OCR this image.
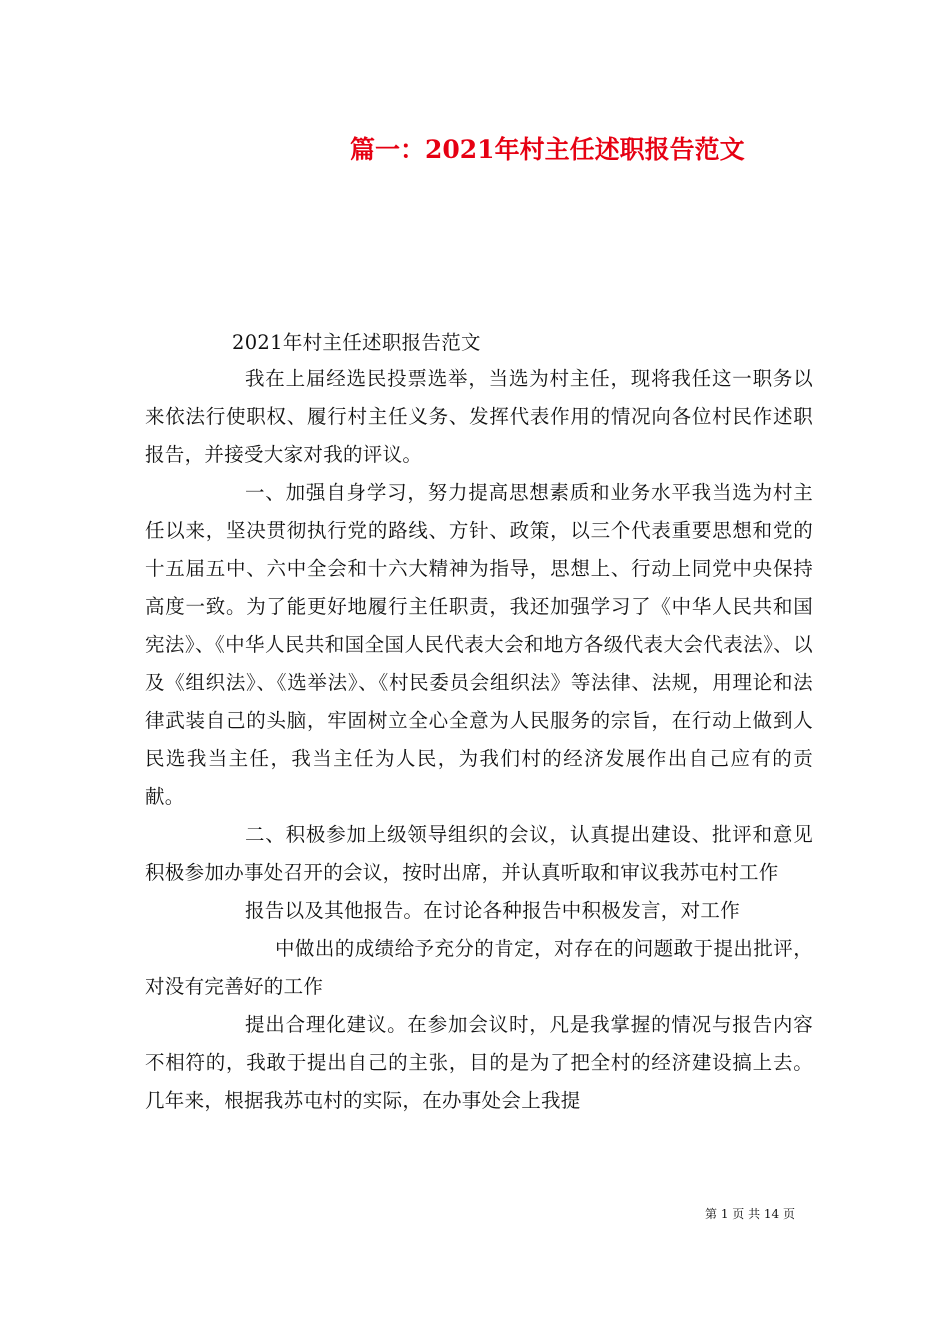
篇一：2021年村主任述职报告范文
2021年村主任述职报告范文

我在上届经选民投票选举，当选为村主任，现将我任这一职务以来依法行使职权、履行村主任义务、发挥代表作用的情况向各位村民作述职报告，并接受大家对我的评议。

一、加强自身学习，努力提高思想素质和业务水平我当选为村主任以来，坚决贯彻执行党的路线、方针、政策，以三个代表重要思想和党的十五届五中、六中全会和十六大精神为指导，思想上、行动上同党中央保持高度一致。为了能更好地履行主任职责，我还加强学习了《中华人民共和国宪法》、《中华人民共和国全国人民代表大会和地方各级代表大会代表法》、以及《组织法》、《选举法》、《村民委员会组织法》等法律、法规，用理论和法律武装自己的头脑，牢固树立全心全意为人民服务的宗旨，在行动上做到人民选我当主任，我当主任为人民，为我们村的经济发展作出自己应有的贡献。

二、积极参加上级领导组织的会议，认真提出建设、批评和意见积极参加办事处召开的会议，按时出席，并认真听取和审议我苏屯村工作

报告以及其他报告。在讨论各种报告中积极发言，对工作

中做出的成绩给予充分的肯定，对存在的问题敢于提出批评，对没有完善好的工作

提出合理化建议。在参加会议时，凡是我掌握的情况与报告内容不相符的，我敢于提出自己的主张，目的是为了把全村的经济建设搞上去。几年来，根据我苏屯村的实际，在办事处会上我提

第 1 页 共 14 页
